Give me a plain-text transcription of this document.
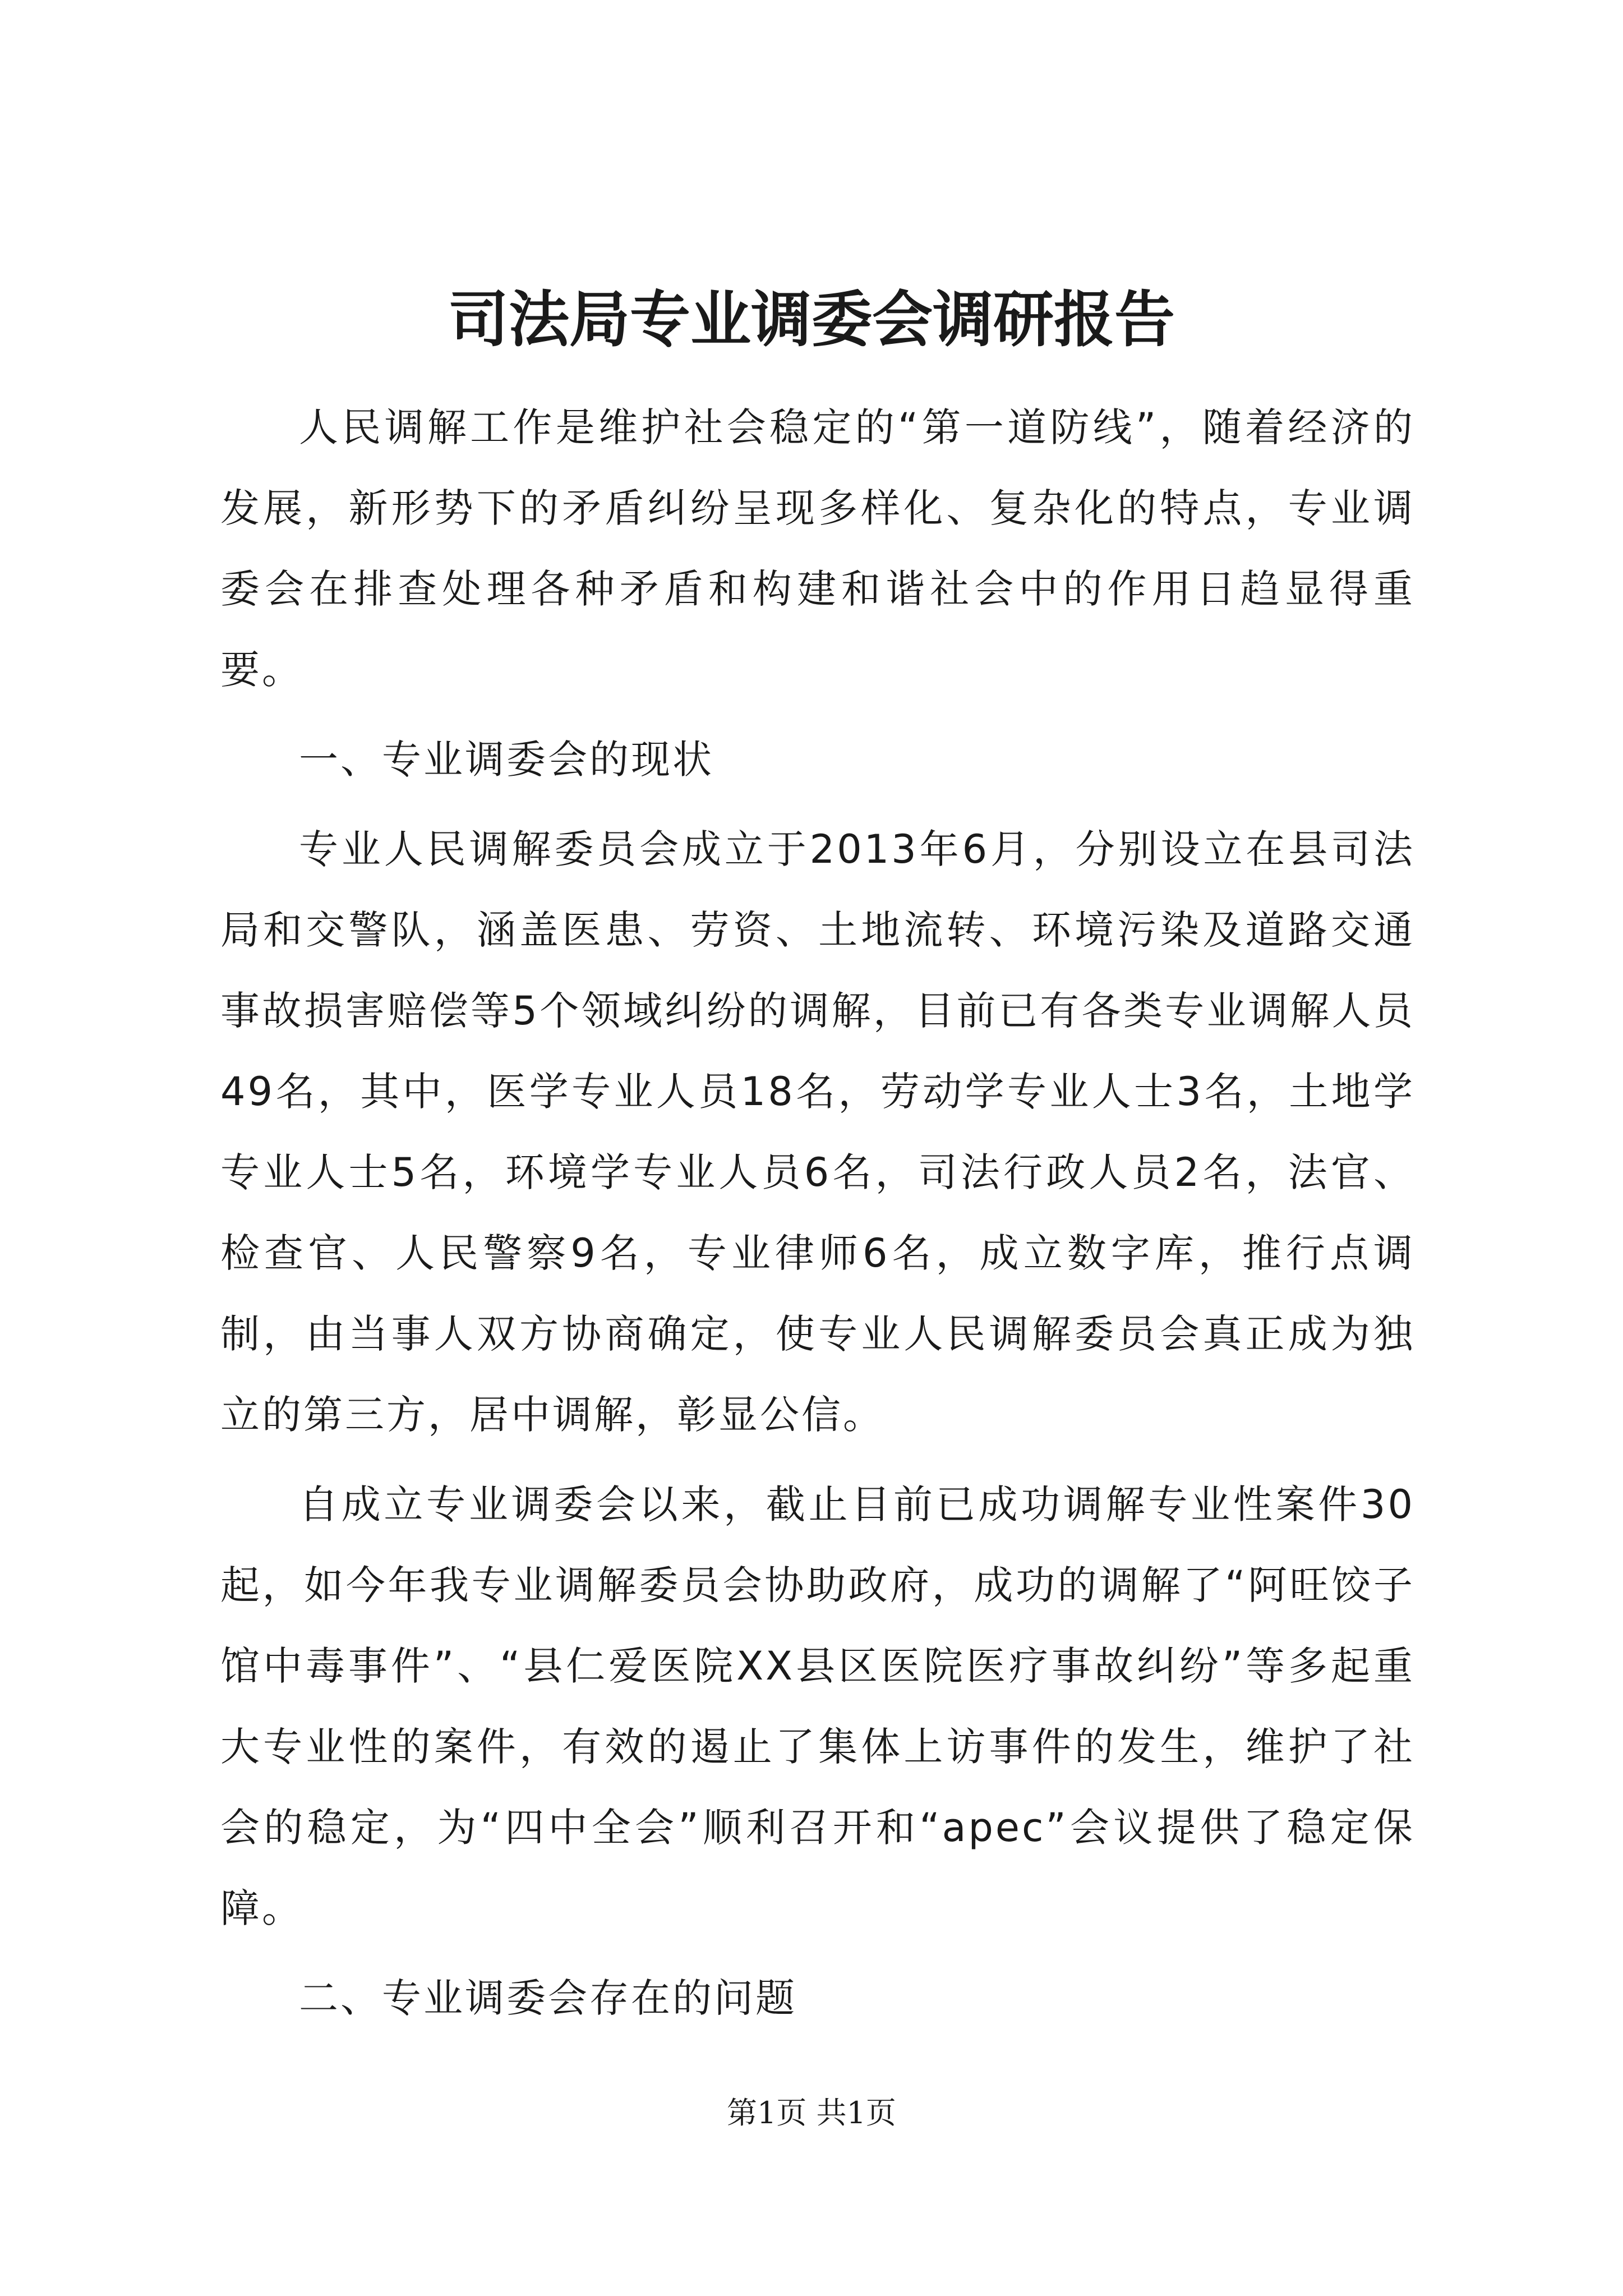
司法局专业调委会调研报告

人民调解工作是维护社会稳定的“第一道防线”，随着经济的发展，新形势下的矛盾纠纷呈现多样化、复杂化的特点，专业调委会在排查处理各种矛盾和构建和谐社会中的作用日趋显得重要。

一、专业调委会的现状

专业人民调解委员会成立于2013年6月，分别设立在县司法局和交警队，涵盖医患、劳资、土地流转、环境污染及道路交通事故损害赔偿等5个领域纠纷的调解，目前已有各类专业调解人员49名，其中，医学专业人员18名，劳动学专业人士3名，土地学专业人士5名，环境学专业人员6名，司法行政人员2名，法官、检查官、人民警察9名，专业律师6名，成立数字库，推行点调制，由当事人双方协商确定，使专业人民调解委员会真正成为独立的第三方，居中调解，彰显公信。

自成立专业调委会以来，截止目前已成功调解专业性案件30起，如今年我专业调解委员会协助政府，成功的调解了“阿旺饺子馆中毒事件”、“县仁爱医院XX县区医院医疗事故纠纷”等多起重大专业性的案件，有效的遏止了集体上访事件的发生，维护了社会的稳定，为“四中全会”顺利召开和“apec”会议提供了稳定保障。

二、专业调委会存在的问题

第1页 共1页
